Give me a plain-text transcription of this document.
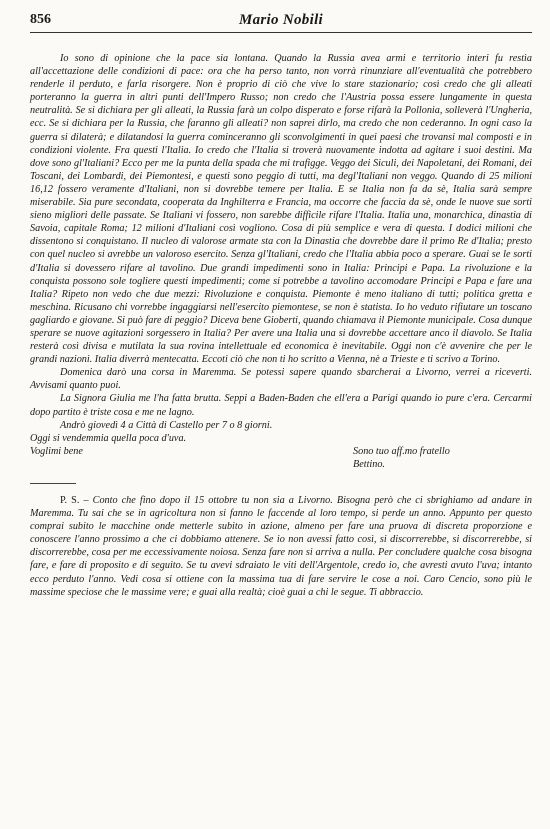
856	Mario Nobili

Io sono di opinione che la pace sia lontana. Quando la Russia avea armi e territorio interi fu restìa all'accettazione delle condizioni di pace: ora che ha perso tanto, non vorrà rinunziare all'eventualità che potrebbero renderle il perduto, e farla risorgere. Non è proprio di ciò che vive lo stare stazionario; così credo che gli alleati porteranno la guerra in altri punti dell'Impero Russo; non credo che l'Austria possa essere lungamente in questa neutralità. Se si dichiara per gli alleati, la Russia farà un colpo disperato e forse rifarà la Pollonia, solleverà l'Ungheria, ecc. Se si dichiara per la Russia, che faranno gli alleati? non saprei dirlo, ma credo che non cederanno. In ogni caso la guerra si dilaterà; e dilatandosi la guerra cominceranno gli sconvolgimenti in quei paesi che trovansi mal composti e in condizioni violente. Fra questi l'Italia. Io credo che l'Italia si troverà nuovamente indotta ad agitare i suoi destini. Ma dove sono gl'Italiani? Ecco per me la punta della spada che mi trafigge. Veggo dei Siculi, dei Napoletani, dei Romani, dei Toscani, dei Lombardi, dei Piemontesi, e questi sono peggio di tutti, ma degl'Italiani non veggo. Quando di 25 milioni 16,12 fossero veramente d'Italiani, non si dovrebbe temere per Italia. E se Italia non fa da sè, Italia sarà sempre miserabile. Sia pure secondata, cooperata da Inghilterra e Francia, ma occorre che faccia da sè, onde le nuove sue sorti sieno migliori delle passate. Se Italiani vi fossero, non sarebbe difficile rifare l'Italia. Italia una, monarchica, dinastia di Savoia, capitale Roma; 12 milioni d'Italiani così vogliono. Cosa di più semplice e vera di questa. I dodici milioni che dissentono si conquistano. Il nucleo di valorose armate sta con la Dinastia che dovrebbe dare il primo Re d'Italia; presto con quel nucleo si avrebbe un valoroso esercito. Senza gl'Italiani, credo che l'Italia abbia poco a sperare. Guai se le sorti d'Italia si dovessero rifare al tavolino. Due grandi impedimenti sono in Italia: Principi e Papa. La rivoluzione e la conquista possono sole togliere questi impedimenti; come si potrebbe a tavolino accomodare Principi e Papa e fare una Italia? Ripeto non vedo che due mezzi: Rivoluzione e conquista. Piemonte è meno italiano di tutti; politica gretta e meschina. Ricusano chi vorrebbe ingaggiarsi nell'esercito piemontese, se non è statista. Io ho veduto rifiutare un toscano gagliardo e giovane. Si può fare di peggio? Diceva bene Gioberti, quando chiamava il Piemonte municipale. Cosa dunque sperare se nuove agitazioni sorgessero in Italia? Per avere una Italia una si dovrebbe accettare anco il diavolo. Se Italia resterà così divisa e mutilata la sua rovina intellettuale ed economica è inevitabile. Oggi non c'è avvenire che per le grandi nazioni. Italia diverrà mentecatta. Eccoti ciò che non ti ho scritto a Vienna, nè a Trieste e ti scrivo a Torino.

Domenica darò una corsa in Maremma. Se potessi sapere quando sbarcherai a Livorno, verrei a riceverti. Avvisami quanto puoi.

La Signora Giulia me l'ha fatta brutta. Seppi a Baden-Baden che ell'era a Parigi quando io pure c'era. Cercarmi dopo partito è triste cosa e me ne lagno.

Andrò giovedì 4 a Città di Castello per 7 o 8 giorni.
Oggi si vendemmia quella poca d'uva.
Voglimi bene	Sono tuo aff.mo fratello
Bettino.

P. S. – Conto che fino dopo il 15 ottobre tu non sia a Livorno. Bisogna però che ci sbrighiamo ad andare in Maremma. Tu sai che se in agricoltura non si fanno le faccende al loro tempo, si perde un anno. Appunto per questo comprai subito le macchine onde metterle subito in azione, almeno per fare una pruova di discreta proporzione e conoscere l'anno prossimo a che ci dobbiamo attenere. Se io non avessi fatto così, si discorrerebbe, si discorrerebbe, si discorrerebbe, cosa per me eccessivamente noiosa. Senza fare non si arriva a nulla. Per concludere qualche cosa bisogna fare, e fare di proposito e di seguito. Se tu avevi sdraiato le viti dell'Argentole, credo io, che avresti avuto l'uva; intanto ecco perduto l'anno. Vedi cosa si ottiene con la massima tua di fare servire le cose a noi. Caro Cencio, sono più le massime speciose che le massime vere; e guai alla realtà; cioè guai a chi le segue. Ti abbraccio.
